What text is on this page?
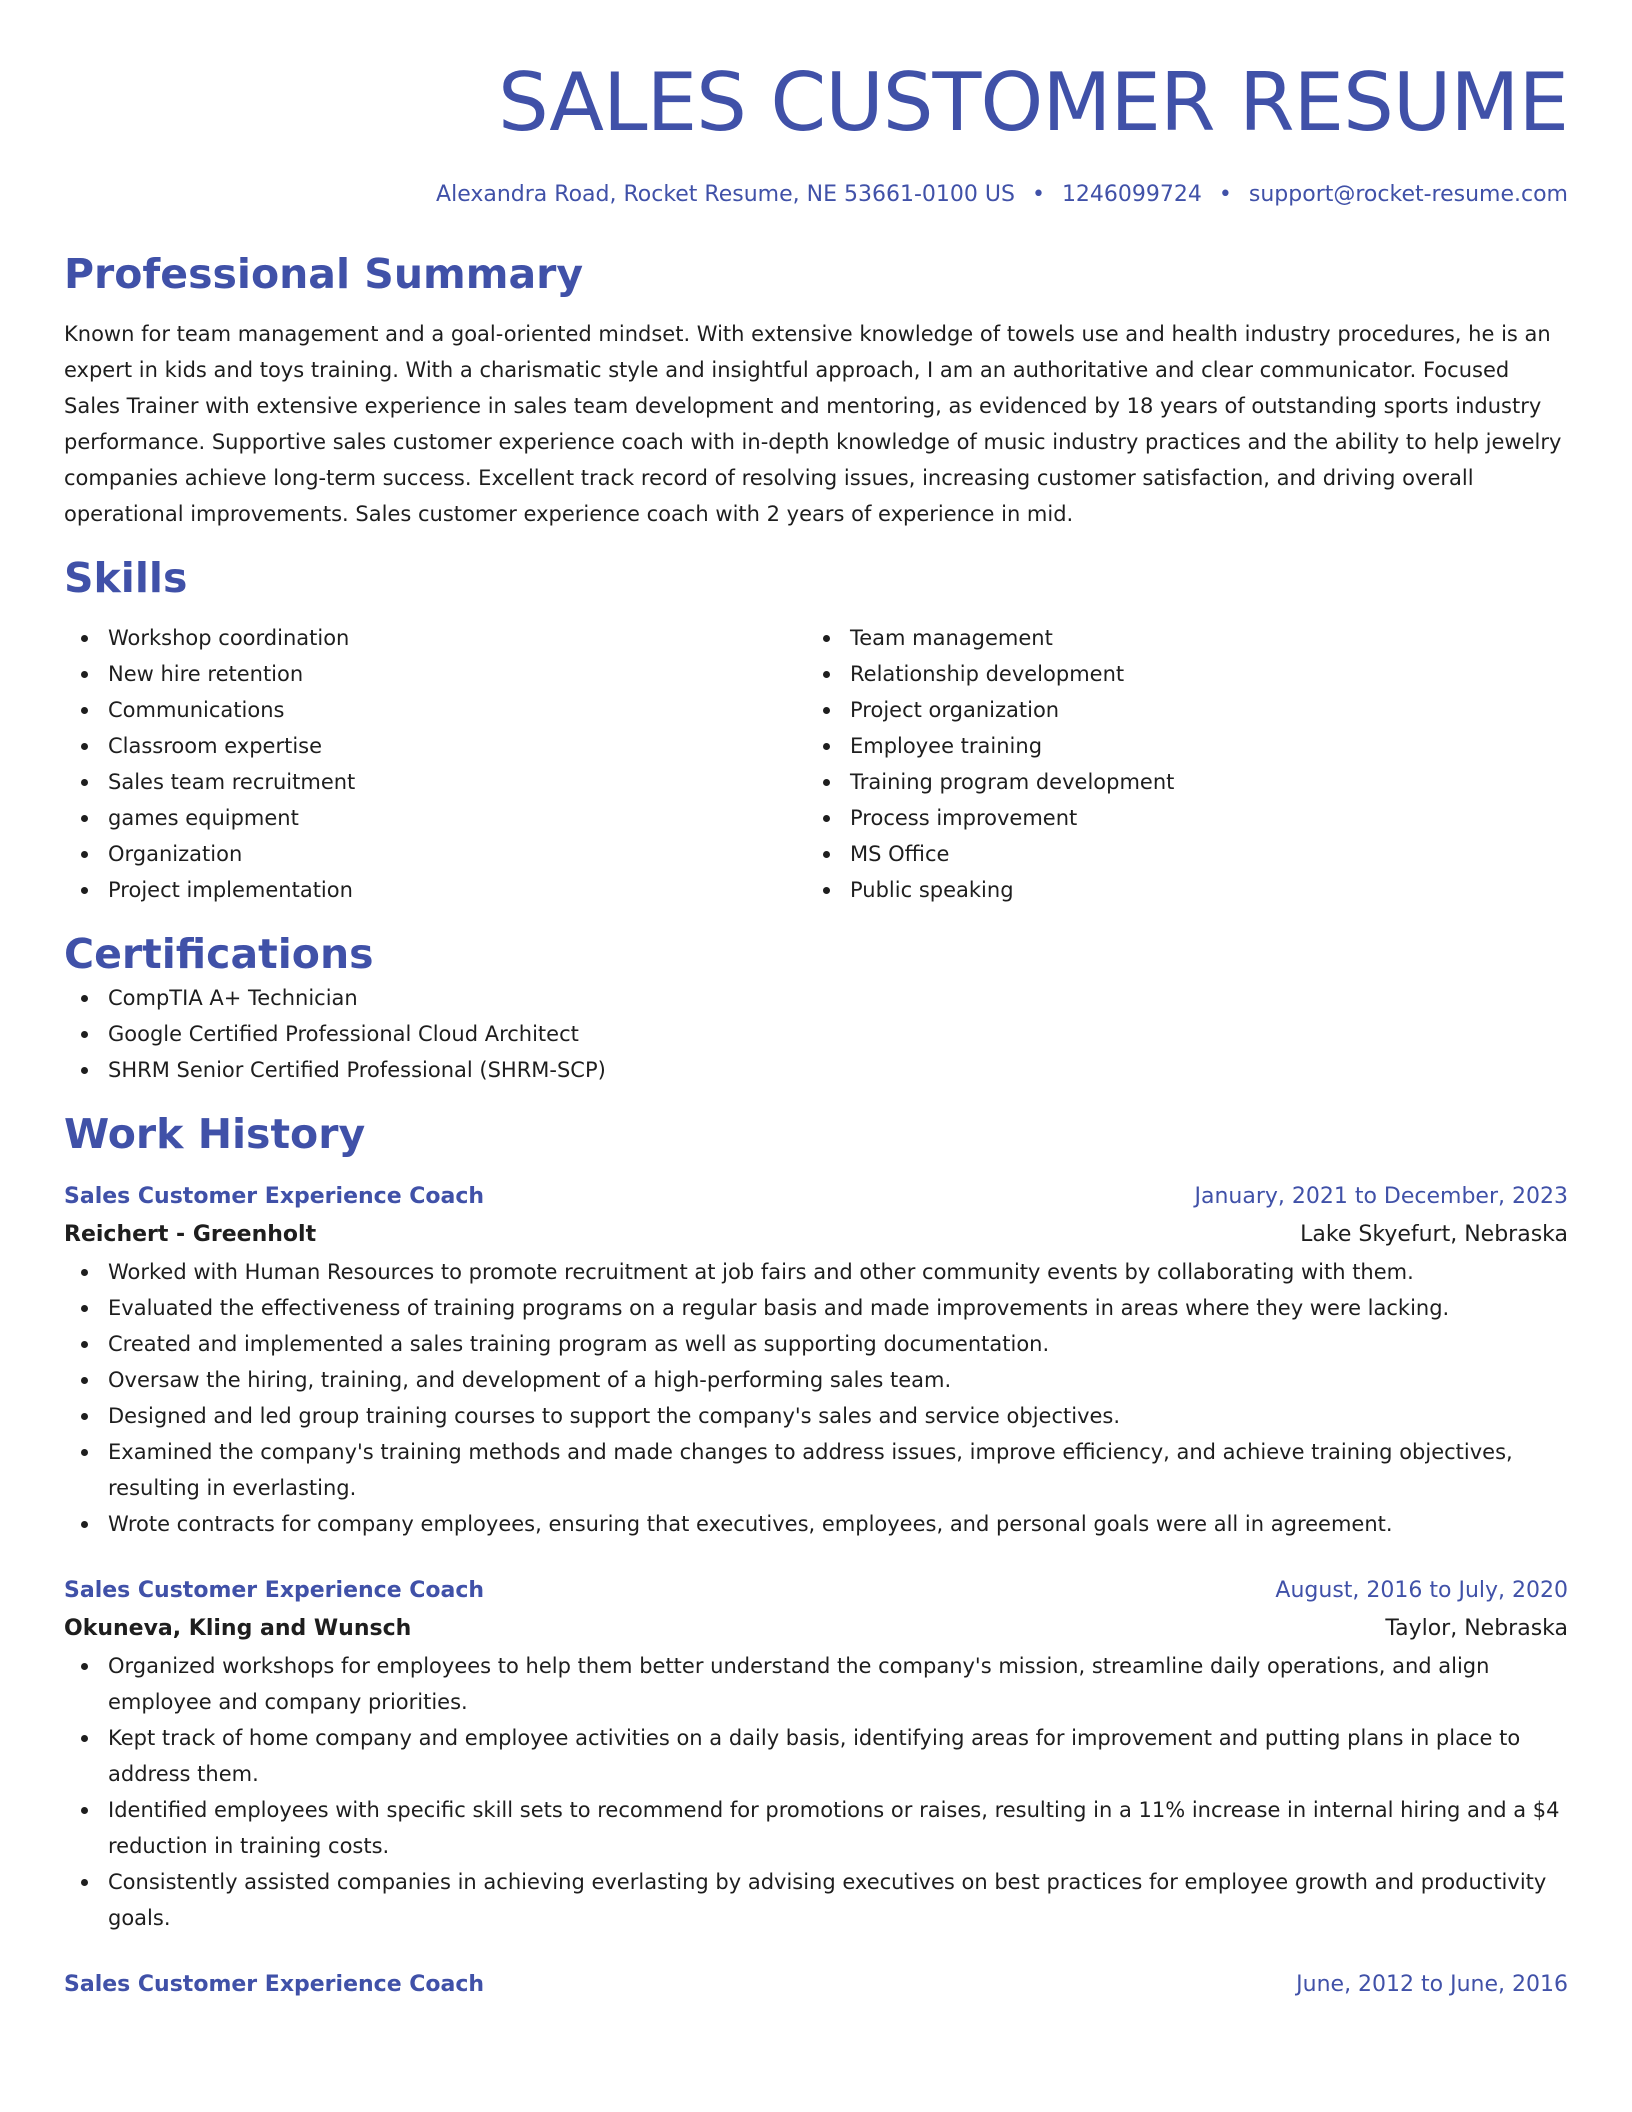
SALES CUSTOMER RESUME
Alexandra Road, Rocket Resume, NE 53661-0100 US • 1246099724 • support@rocket-resume.com
Professional Summary
Known for team management and a goal-oriented mindset. With extensive knowledge of towels use and health industry procedures, he is an expert in kids and toys training. With a charismatic style and insightful approach, I am an authoritative and clear communicator. Focused Sales Trainer with extensive experience in sales team development and mentoring, as evidenced by 18 years of outstanding sports industry performance. Supportive sales customer experience coach with in-depth knowledge of music industry practices and the ability to help jewelry companies achieve long-term success. Excellent track record of resolving issues, increasing customer satisfaction, and driving overall operational improvements. Sales customer experience coach with 2 years of experience in mid.
Skills
Workshop coordination
New hire retention
Communications
Classroom expertise
Sales team recruitment
games equipment
Organization
Project implementation
Team management
Relationship development
Project organization
Employee training
Training program development
Process improvement
MS Office
Public speaking
Certifications
CompTIA A+ Technician
Google Certified Professional Cloud Architect
SHRM Senior Certified Professional (SHRM-SCP)
Work History
Sales Customer Experience Coach	January, 2021 to December, 2023
Reichert - Greenholt	Lake Skyefurt, Nebraska
Worked with Human Resources to promote recruitment at job fairs and other community events by collaborating with them.
Evaluated the effectiveness of training programs on a regular basis and made improvements in areas where they were lacking.
Created and implemented a sales training program as well as supporting documentation.
Oversaw the hiring, training, and development of a high-performing sales team.
Designed and led group training courses to support the company's sales and service objectives.
Examined the company's training methods and made changes to address issues, improve efficiency, and achieve training objectives, resulting in everlasting.
Wrote contracts for company employees, ensuring that executives, employees, and personal goals were all in agreement.
Sales Customer Experience Coach	August, 2016 to July, 2020
Okuneva, Kling and Wunsch	Taylor, Nebraska
Organized workshops for employees to help them better understand the company's mission, streamline daily operations, and align employee and company priorities.
Kept track of home company and employee activities on a daily basis, identifying areas for improvement and putting plans in place to address them.
Identified employees with specific skill sets to recommend for promotions or raises, resulting in a 11% increase in internal hiring and a $4 reduction in training costs.
Consistently assisted companies in achieving everlasting by advising executives on best practices for employee growth and productivity goals.
Sales Customer Experience Coach	June, 2012 to June, 2016
